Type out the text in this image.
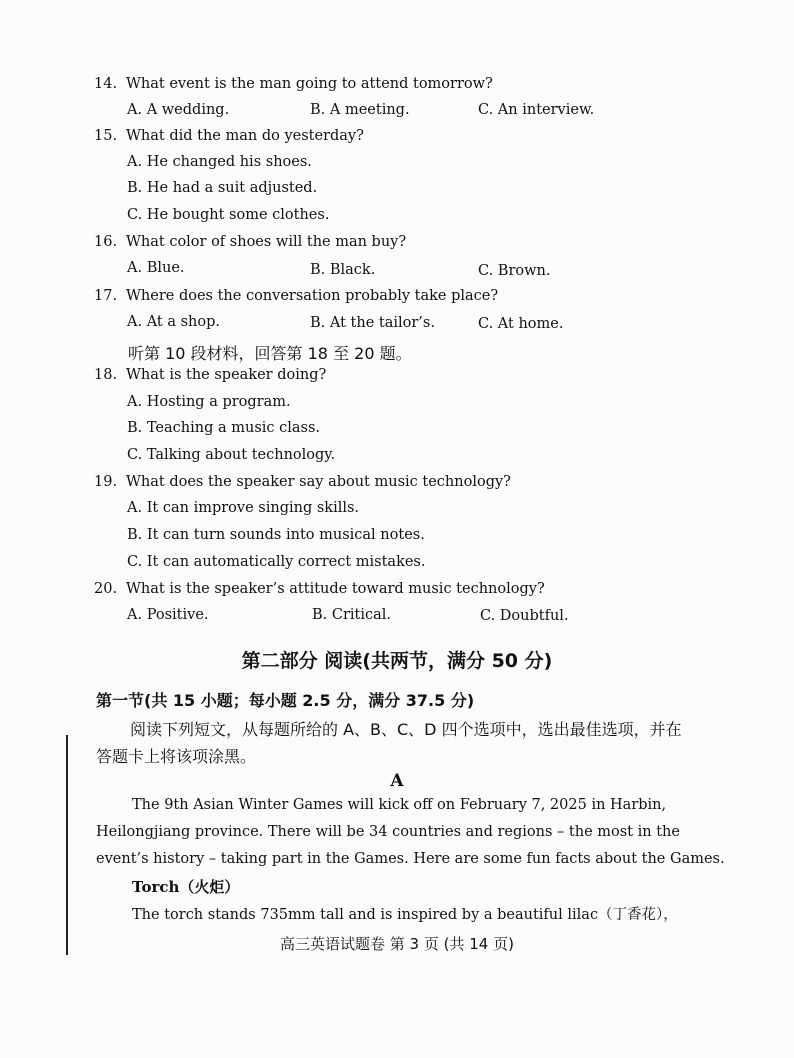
14. What event is the man going to attend tomorrow?
A. A wedding.	B. A meeting.	C. An interview.
15. What did the man do yesterday?
A. He changed his shoes.
B. He had a suit adjusted.
C. He bought some clothes.
16. What color of shoes will the man buy?
A. Blue.	B. Black.	C. Brown.
17. Where does the conversation probably take place?
A. At a shop.	B. At the tailor’s.	C. At home.
听第 10 段材料，回答第 18 至 20 题。
18. What is the speaker doing?
A. Hosting a program.
B. Teaching a music class.
C. Talking about technology.
19. What does the speaker say about music technology?
A. It can improve singing skills.
B. It can turn sounds into musical notes.
C. It can automatically correct mistakes.
20. What is the speaker’s attitude toward music technology?
A. Positive.	B. Critical.	C. Doubtful.
第二部分 阅读(共两节，满分 50 分)
第一节(共 15 小题；每小题 2.5 分，满分 37.5 分)
阅读下列短文，从每题所给的 A、B、C、D 四个选项中，选出最佳选项，并在
答题卡上将该项涂黑。
A
The 9th Asian Winter Games will kick off on February 7, 2025 in Harbin,
Heilongjiang province. There will be 34 countries and regions – the most in the
event’s history – taking part in the Games. Here are some fun facts about the Games.
Torch（火炬）
The torch stands 735mm tall and is inspired by a beautiful lilac（丁香花），
高三英语试题卷 第 3 页 (共 14 页)
